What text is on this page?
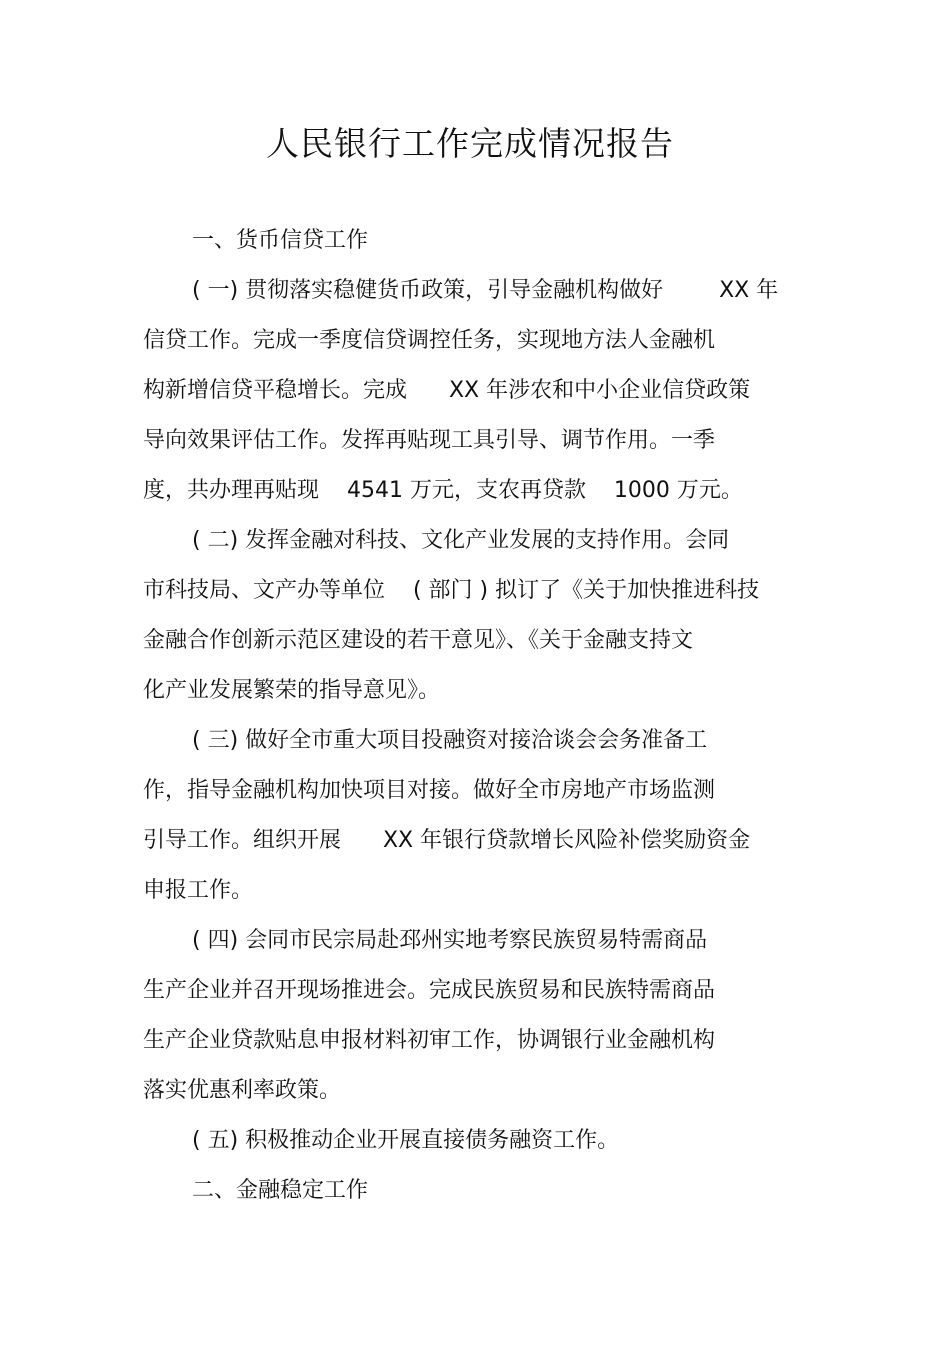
人民银行工作完成情况报告
一、货币信贷工作
( 一) 贯彻落实稳健货币政策，引导金融机构做好        XX 年
信贷工作。完成一季度信贷调控任务，实现地方法人金融机
构新增信贷平稳增长。完成      XX 年涉农和中小企业信贷政策
导向效果评估工作。发挥再贴现工具引导、调节作用。一季
度，共办理再贴现    4541 万元，支农再贷款    1000 万元。
( 二) 发挥金融对科技、文化产业发展的支持作用。会同
市科技局、文产办等单位    ( 部门 ) 拟订了《关于加快推进科技
金融合作创新示范区建设的若干意见》、《关于金融支持文
化产业发展繁荣的指导意见》。
( 三) 做好全市重大项目投融资对接洽谈会会务准备工
作，指导金融机构加快项目对接。做好全市房地产市场监测
引导工作。组织开展      XX 年银行贷款增长风险补偿奖励资金
申报工作。
( 四) 会同市民宗局赴邳州实地考察民族贸易特需商品
生产企业并召开现场推进会。完成民族贸易和民族特需商品
生产企业贷款贴息申报材料初审工作，协调银行业金融机构
落实优惠利率政策。
( 五) 积极推动企业开展直接债务融资工作。
二、金融稳定工作
